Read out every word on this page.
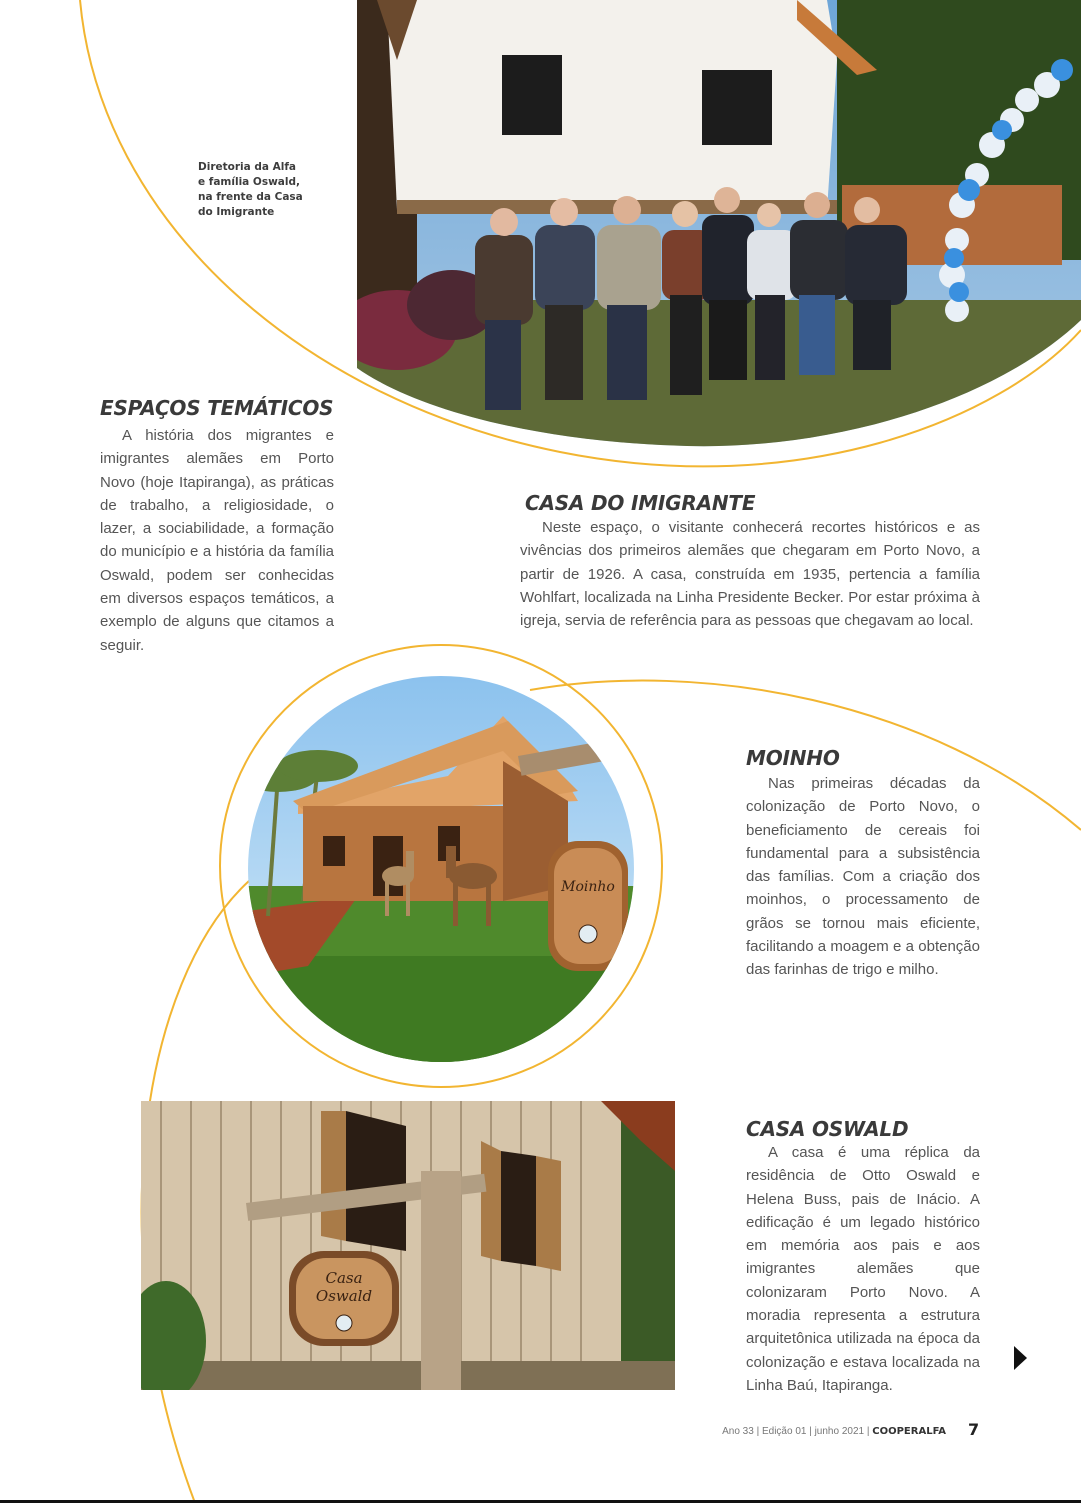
Diretoria da Alfa
e família Oswald,
na frente da Casa
do Imigrante
ESPAÇOS TEMÁTICOS

A história dos migrantes e imigrantes alemães em Porto Novo (hoje Itapiranga), as práticas de trabalho, a religiosidade, o lazer, a sociabilidade, a formação do município e a história da família Oswald, podem ser conhecidas em diversos espaços temáticos, a exemplo de alguns que citamos a seguir.

CASA DO IMIGRANTE

Neste espaço, o visitante conhecerá recortes históricos e as vivências dos primeiros alemães que chegaram em Porto Novo, a partir de 1926. A casa, construída em 1935, pertencia a família Wohlfart, localizada na Linha Presidente Becker. Por estar próxima à igreja, servia de referência para as pessoas que chegavam ao local.

Moinho
MOINHO

Nas primeiras décadas da colonização de Porto Novo, o beneficiamento de cereais foi fundamental para a subsistência das famílias. Com a criação dos moinhos, o processamento de grãos se tornou mais eficiente, facilitando a moagem e a obtenção das farinhas de trigo e milho.

Casa
Oswald
CASA OSWALD

A casa é uma réplica da residência de Otto Oswald e Helena Buss, pais de Inácio. A edificação é um legado histórico em memória aos pais e aos imigrantes alemães que colonizaram Porto Novo. A moradia representa a estrutura arquitetônica utilizada na época da colonização e estava localizada na Linha Baú, Itapiranga.

Ano 33 | Edição 01 | junho 2021 | COOPERALFA 7
